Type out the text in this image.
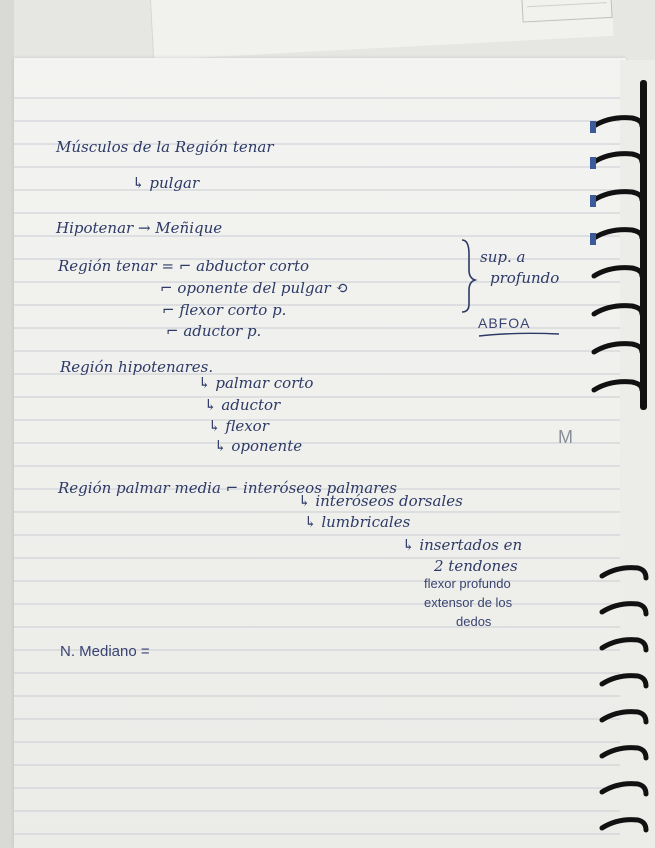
Músculos de la Región tenar
↳ pulgar
Hipotenar → Meñique
Región tenar = ⌐ abductor corto
⌐ oponente del pulgar ⟲
⌐ flexor corto p.
⌐ aductor p.
sup. a
profundo
ABFOA
Región hipotenares.
↳ palmar corto
↳ aductor
↳ flexor
↳ oponente	M
Región palmar media ⌐ interóseos palmares
↳ interóseos dorsales
↳ lumbricales
↳ insertados en
2 tendones
flexor profundo
extensor de los
dedos
N. Mediano =
